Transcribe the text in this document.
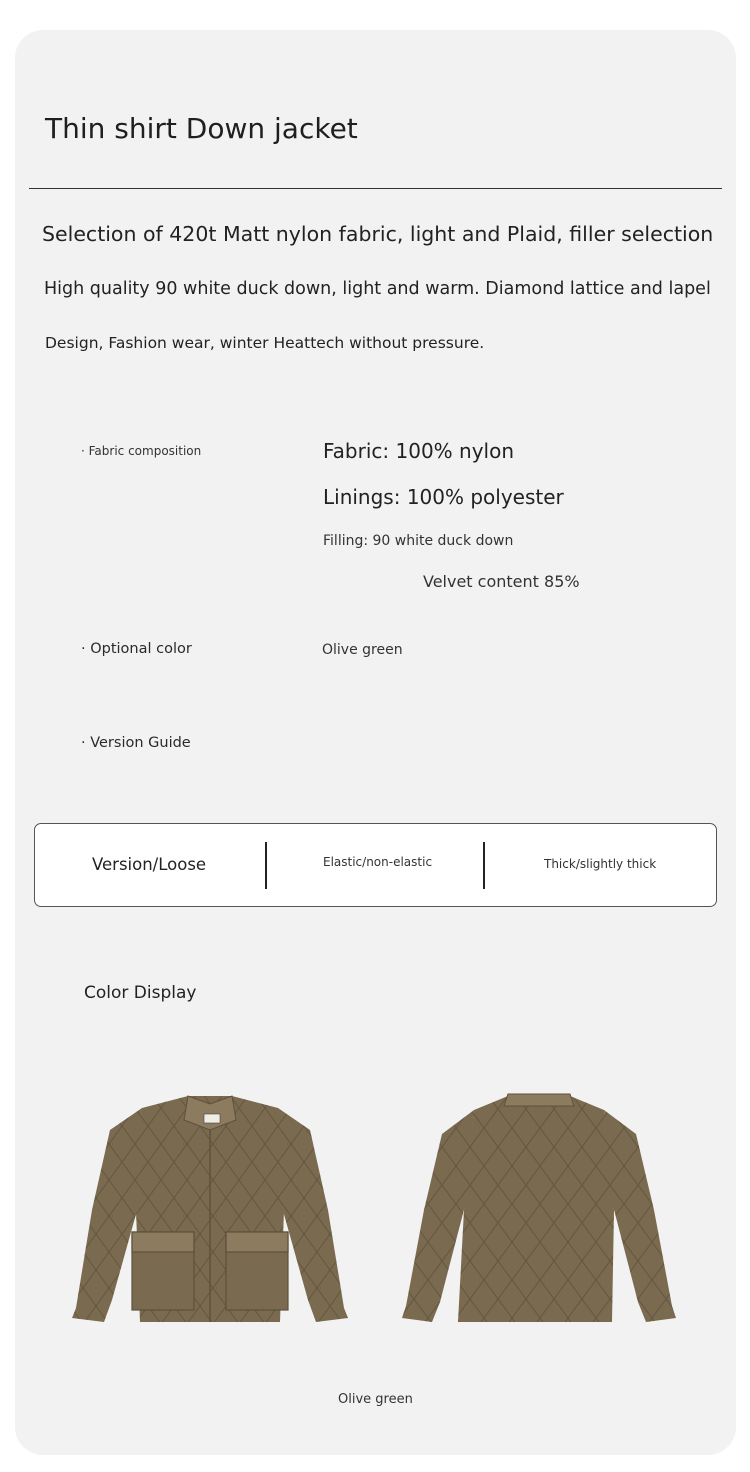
Thin shirt Down jacket
Selection of 420t Matt nylon fabric, light and Plaid, filler selection
High quality 90 white duck down, light and warm. Diamond lattice and lapel
Design, Fashion wear, winter Heattech without pressure.
· Fabric composition	Fabric: 100% nylon
Linings: 100% polyester
Filling: 90 white duck down
Velvet content 85%
· Optional color	Olive green
· Version Guide
Version/Loose	Elastic/non-elastic	Thick/slightly thick
Color Display
Olive green
